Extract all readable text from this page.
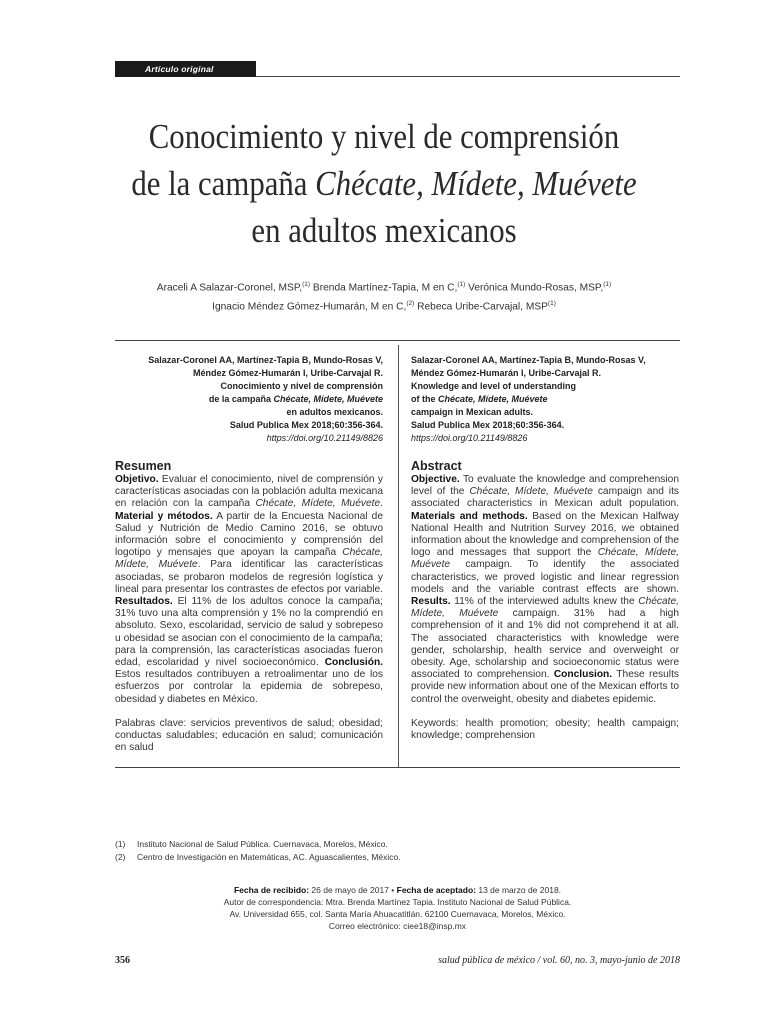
Artículo original
Conocimiento y nivel de comprensión
de la campaña Chécate, Mídete, Muévete
en adultos mexicanos
Araceli A Salazar-Coronel, MSP,$^{(1)}$ Brenda Martínez-Tapia, M en C,$^{(1)}$ Verónica Mundo-Rosas, MSP,$^{(1)}$
Ignacio Méndez Gómez-Humarán, M en C,$^{(2)}$ Rebeca Uribe-Carvajal, MSP$^{(1)}$
Salazar-Coronel AA, Martínez-Tapia B, Mundo-Rosas V,
Méndez Gómez-Humarán I, Uribe-Carvajal R.
Conocimiento y nivel de comprensión
de la campaña Chécate, Mídete, Muévete
en adultos mexicanos.
Salud Publica Mex 2018;60:356-364.
https://doi.org/10.21149/8826
Salazar-Coronel AA, Martínez-Tapia B, Mundo-Rosas V,
Méndez Gómez-Humarán I, Uribe-Carvajal R.
Knowledge and level of understanding
of the Chécate, Mídete, Muévete
campaign in Mexican adults.
Salud Publica Mex 2018;60:356-364.
https://doi.org/10.21149/8826
Resumen
Objetivo. Evaluar el conocimiento, nivel de comprensión y características asociadas con la población adulta mexicana en relación con la campaña Chécate, Mídete, Muévete. Material y métodos. A partir de la Encuesta Nacional de Salud y Nutrición de Medio Camino 2016, se obtuvo información sobre el conocimiento y comprensión del logotipo y mensajes que apoyan la campaña Chécate, Mídete, Muévete. Para identificar las características asociadas, se probaron modelos de regresión logística y lineal para presentar los contrastes de efectos por variable. Resultados. El 11% de los adultos conoce la campaña; 31% tuvo una alta comprensión y 1% no la comprendió en absoluto. Sexo, escolaridad, servicio de salud y sobrepeso u obesidad se asocian con el conocimiento de la campaña; para la comprensión, las características asociadas fueron edad, escolaridad y nivel socioeconómico. Conclusión. Estos resultados contribuyen a retroalimentar uno de los esfuerzos por controlar la epidemia de sobrepeso, obesidad y diabetes en México.
Palabras clave: servicios preventivos de salud; obesidad; conductas saludables; educación en salud; comunicación en salud
Abstract
Objective. To evaluate the knowledge and comprehension level of the Chécate, Mídete, Muévete campaign and its associated characteristics in Mexican adult population. Materials and methods. Based on the Mexican Halfway National Health and Nutrition Survey 2016, we obtained information about the knowledge and comprehension of the logo and messages that support the Chécate, Mídete, Muévete campaign. To identify the associated characteristics, we proved logistic and linear regression models and the variable contrast effects are shown. Results. 11% of the interviewed adults knew the Chécate, Mídete, Muévete campaign. 31% had a high comprehension of it and 1% did not comprehend it at all. The associated characteristics with knowledge were gender, scholarship, health service and overweight or obesity. Age, scholarship and socioeconomic status were associated to comprehension. Conclusion. These results provide new information about one of the Mexican efforts to control the overweight, obesity and diabetes epidemic.
Keywords: health promotion; obesity; health campaign; knowledge; comprehension
(1)	Instituto Nacional de Salud Pública. Cuernavaca, Morelos, México.
(2)	Centro de Investigación en Matemáticas, AC. Aguascalientes, México.
Fecha de recibido: 26 de mayo de 2017 • Fecha de aceptado: 13 de marzo de 2018.
Autor de correspondencia: Mtra. Brenda Martínez Tapia. Instituto Nacional de Salud Pública.
Av. Universidad 655, col. Santa María Ahuacatitlán. 62100 Cuernavaca, Morelos, México.
Correo electrónico: ciee18@insp.mx
356	salud pública de méxico / vol. 60, no. 3, mayo-junio de 2018
